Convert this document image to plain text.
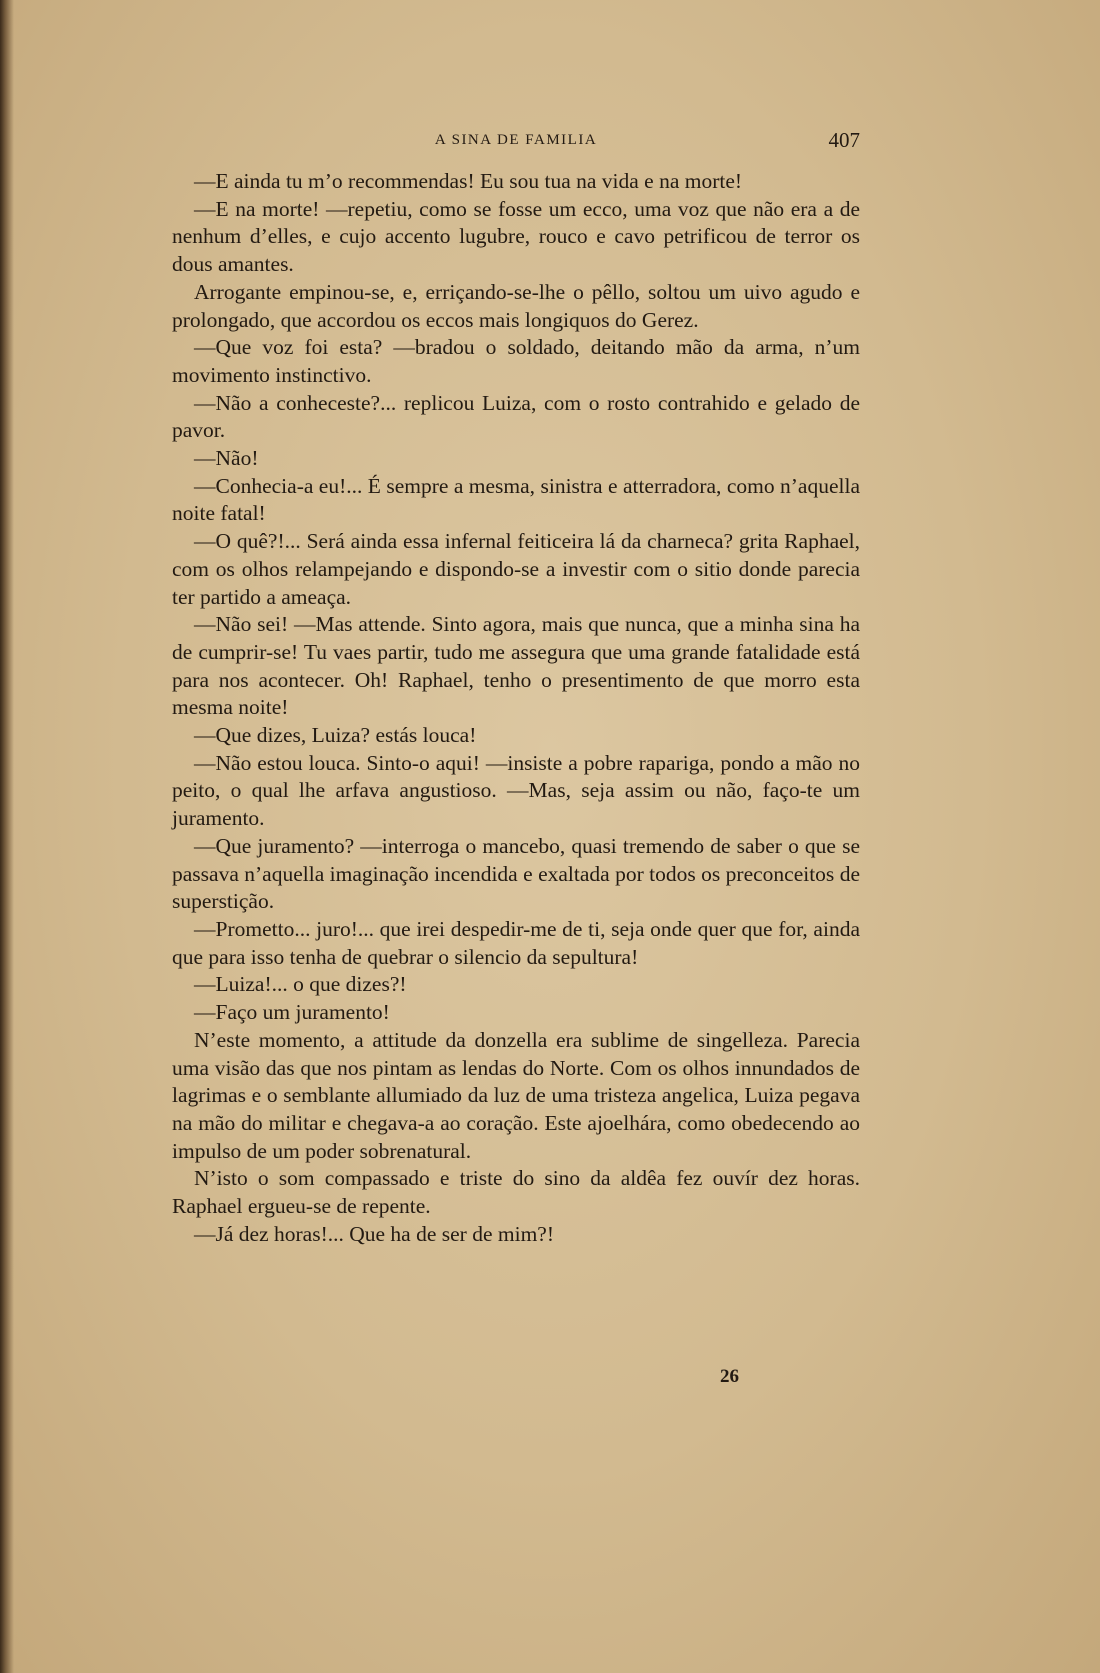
A SINA DE FAMILIA	407

—E ainda tu m’o recommendas! Eu sou tua na vida e na morte!

—E na morte! —repetiu, como se fosse um ecco, uma voz que não era a de nenhum d’elles, e cujo accento lugubre, rouco e cavo petrificou de terror os dous amantes.

Arrogante empinou-se, e, erriçando-se-lhe o pêllo, soltou um uivo agudo e prolongado, que accordou os eccos mais longiquos do Gerez.

—Que voz foi esta? —bradou o soldado, deitando mão da arma, n’um movimento instinctivo.

—Não a conheceste?... replicou Luiza, com o rosto contrahido e gelado de pavor.

—Não!

—Conhecia-a eu!... É sempre a mesma, sinistra e atterradora, como n’aquella noite fatal!

—O quê?!... Será ainda essa infernal feiticeira lá da charneca? grita Raphael, com os olhos relampejando e dispondo-se a investir com o sitio donde parecia ter partido a ameaça.

—Não sei! —Mas attende. Sinto agora, mais que nunca, que a minha sina ha de cumprir-se! Tu vaes partir, tudo me assegura que uma grande fatalidade está para nos acontecer. Oh! Raphael, tenho o presentimento de que morro esta mesma noite!

—Que dizes, Luiza? estás louca!

—Não estou louca. Sinto-o aqui! —insiste a pobre rapariga, pondo a mão no peito, o qual lhe arfava angustioso. —Mas, seja assim ou não, faço-te um juramento.

—Que juramento? —interroga o mancebo, quasi tremendo de saber o que se passava n’aquella imaginação incendida e exaltada por todos os preconceitos de superstição.

—Prometto... juro!... que irei despedir-me de ti, seja onde quer que for, ainda que para isso tenha de quebrar o silencio da sepultura!

—Luiza!... o que dizes?!

—Faço um juramento!

N’este momento, a attitude da donzella era sublime de singelleza. Parecia uma visão das que nos pintam as lendas do Norte. Com os olhos innundados de lagrimas e o semblante allumiado da luz de uma tristeza angelica, Luiza pegava na mão do militar e chegava-a ao coração. Este ajoelhára, como obedecendo ao impulso de um poder sobrenatural.

N’isto o som compassado e triste do sino da aldêa fez ouvír dez horas. Raphael ergueu-se de repente.

—Já dez horas!... Que ha de ser de mim?!

26
